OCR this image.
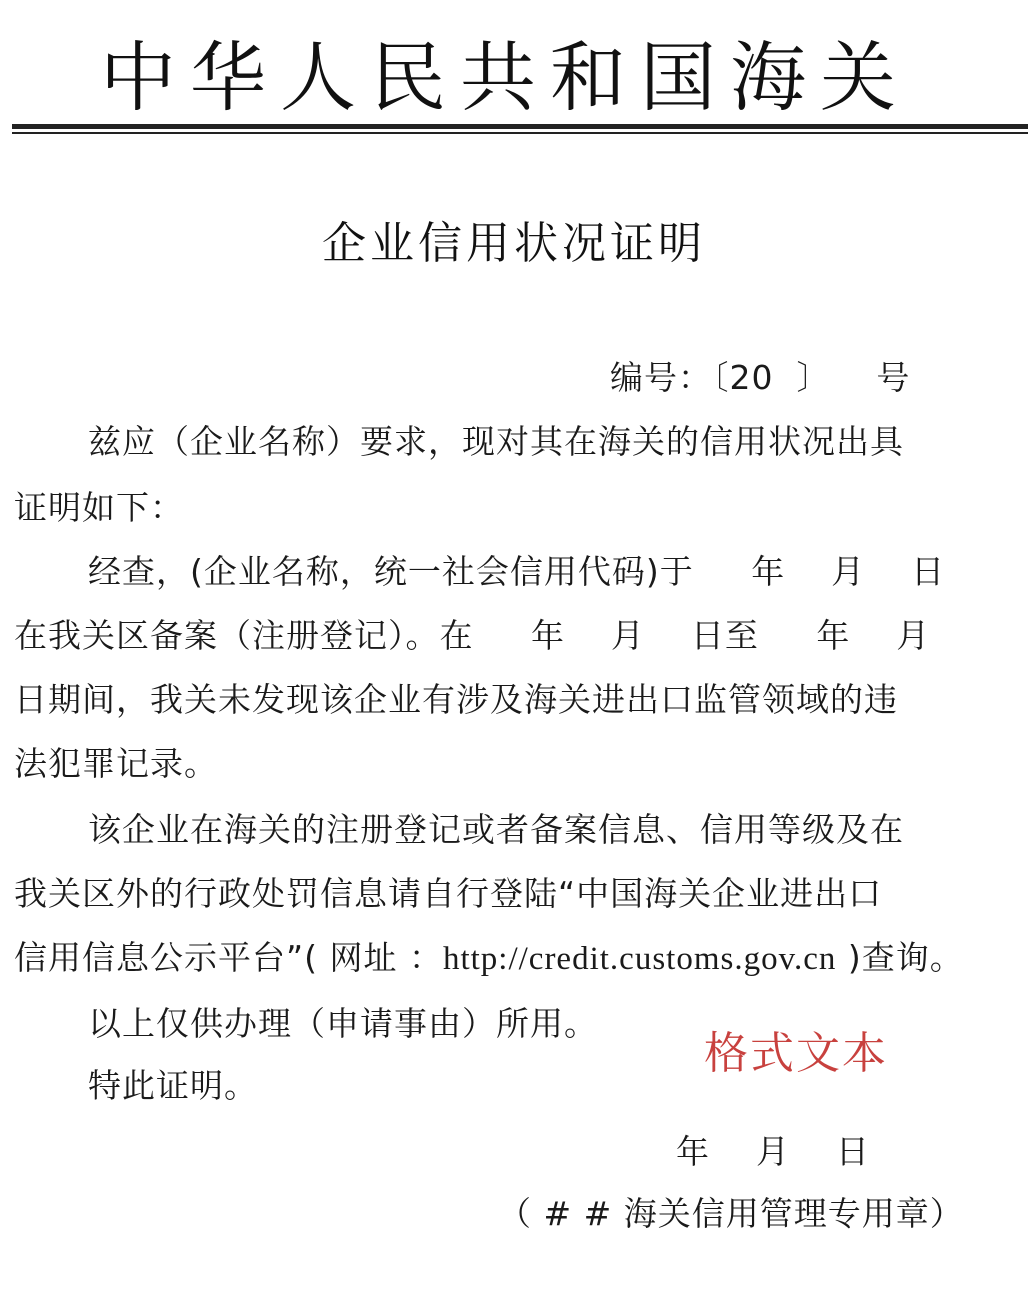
中华人民共和国海关
企业信用状况证明
编号：〔20  〕    号
兹应（企业名称）要求，现对其在海关的信用状况出具
证明如下：
经查，(企业名称，统一社会信用代码)于     年    月    日
在我关区备案（注册登记）。在     年    月    日至     年    月
日期间，我关未发现该企业有涉及海关进出口监管领域的违
法犯罪记录。
该企业在海关的注册登记或者备案信息、信用等级及在
我关区外的行政处罚信息请自行登陆“中国海关企业进出口
信用信息公示平台”( 网址 ：http://credit.customs.gov.cn )查询。
以上仅供办理（申请事由）所用。
特此证明。
格式文本
年    月    日
（ # # 海关信用管理专用章）
